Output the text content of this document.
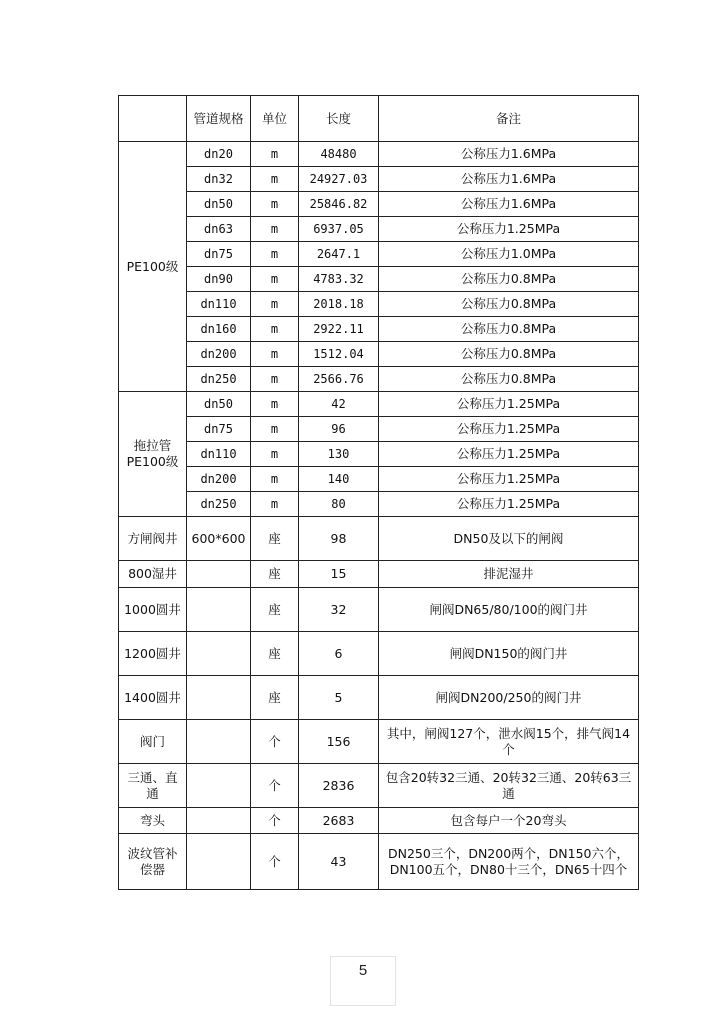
	管道规格	单位	长度	备注
PE100级	dn20	m	48480	公称压力1.6MPa
	dn32	m	24927.03	公称压力1.6MPa
	dn50	m	25846.82	公称压力1.6MPa
	dn63	m	6937.05	公称压力1.25MPa
	dn75	m	2647.1	公称压力1.0MPa
	dn90	m	4783.32	公称压力0.8MPa
	dn110	m	2018.18	公称压力0.8MPa
	dn160	m	2922.11	公称压力0.8MPa
	dn200	m	1512.04	公称压力0.8MPa
	dn250	m	2566.76	公称压力0.8MPa
拖拉管PE100级	dn50	m	42	公称压力1.25MPa
	dn75	m	96	公称压力1.25MPa
	dn110	m	130	公称压力1.25MPa
	dn200	m	140	公称压力1.25MPa
	dn250	m	80	公称压力1.25MPa
方闸阀井	600*600	座	98	DN50及以下的闸阀
800湿井		座	15	排泥湿井
1000圆井		座	32	闸阀DN65/80/100的阀门井
1200圆井		座	6	闸阀DN150的阀门井
1400圆井		座	5	闸阀DN200/250的阀门井
阀门		个	156	其中，闸阀127个，泄水阀15个，排气阀14个
三通、直通		个	2836	包含20转32三通、20转32三通、20转63三通
弯头		个	2683	包含每户一个20弯头
波纹管补偿器		个	43	DN250三个，DN200两个，DN150六个，DN100五个，DN80十三个，DN65十四个
5
